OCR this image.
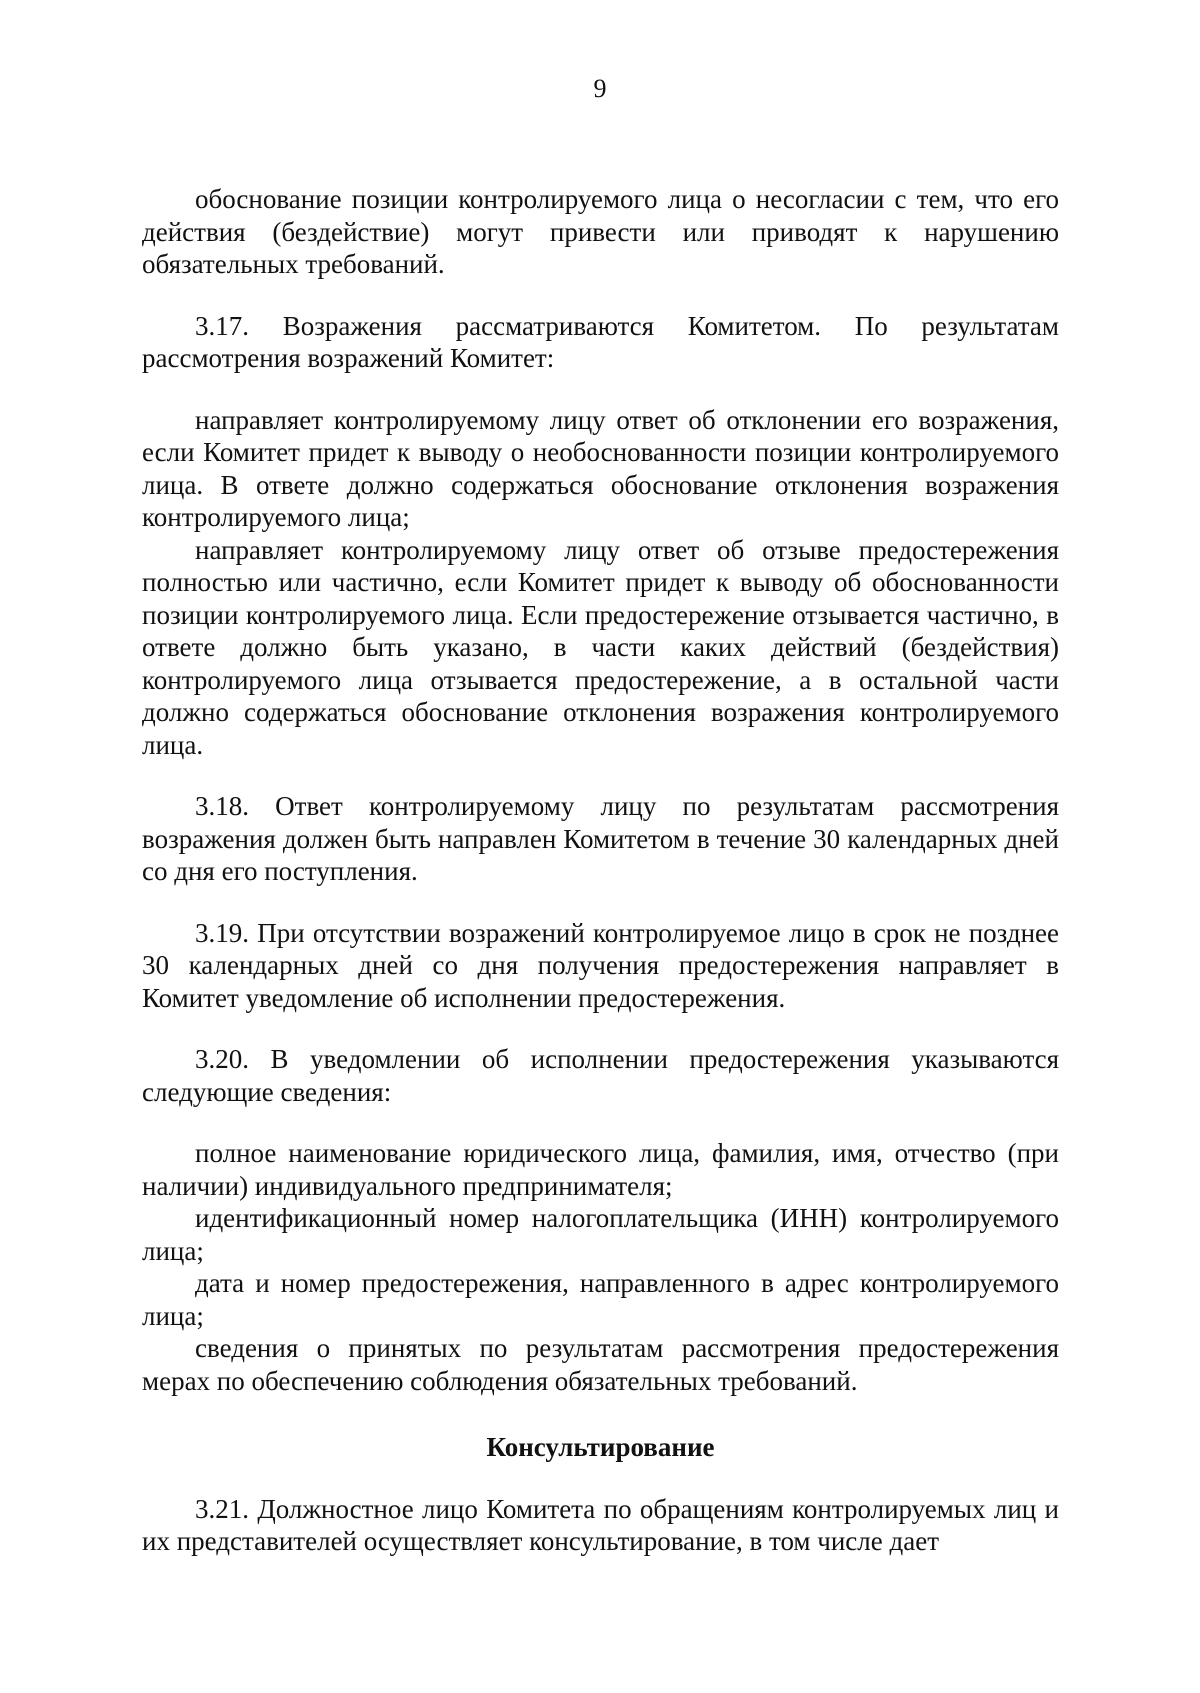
9

обоснование позиции контролируемого лица о несогласии с тем, что его действия (бездействие) могут привести или приводят к нарушению обязательных требований.

3.17. Возражения рассматриваются Комитетом. По результатам рассмотрения возражений Комитет:

направляет контролируемому лицу ответ об отклонении его возражения, если Комитет придет к выводу о необоснованности позиции контролируемого лица. В ответе должно содержаться обоснование отклонения возражения контролируемого лица;

направляет контролируемому лицу ответ об отзыве предостережения полностью или частично, если Комитет придет к выводу об обоснованности позиции контролируемого лица. Если предостережение отзывается частично, в ответе должно быть указано, в части каких действий (бездействия) контролируемого лица отзывается предостережение, а в остальной части должно содержаться обоснование отклонения возражения контролируемого лица.

3.18. Ответ контролируемому лицу по результатам рассмотрения возражения должен быть направлен Комитетом в течение 30 календарных дней со дня его поступления.

3.19. При отсутствии возражений контролируемое лицо в срок не позднее 30 календарных дней со дня получения предостережения направляет в Комитет уведомление об исполнении предостережения.

3.20. В уведомлении об исполнении предостережения указываются следующие сведения:

полное наименование юридического лица, фамилия, имя, отчество (при наличии) индивидуального предпринимателя;

идентификационный номер налогоплательщика (ИНН) контролируемого лица;

дата и номер предостережения, направленного в адрес контролируемого лица;

сведения о принятых по результатам рассмотрения предостережения мерах по обеспечению соблюдения обязательных требований.

Консультирование

3.21. Должностное лицо Комитета по обращениям контролируемых лиц и их представителей осуществляет консультирование, в том числе дает
